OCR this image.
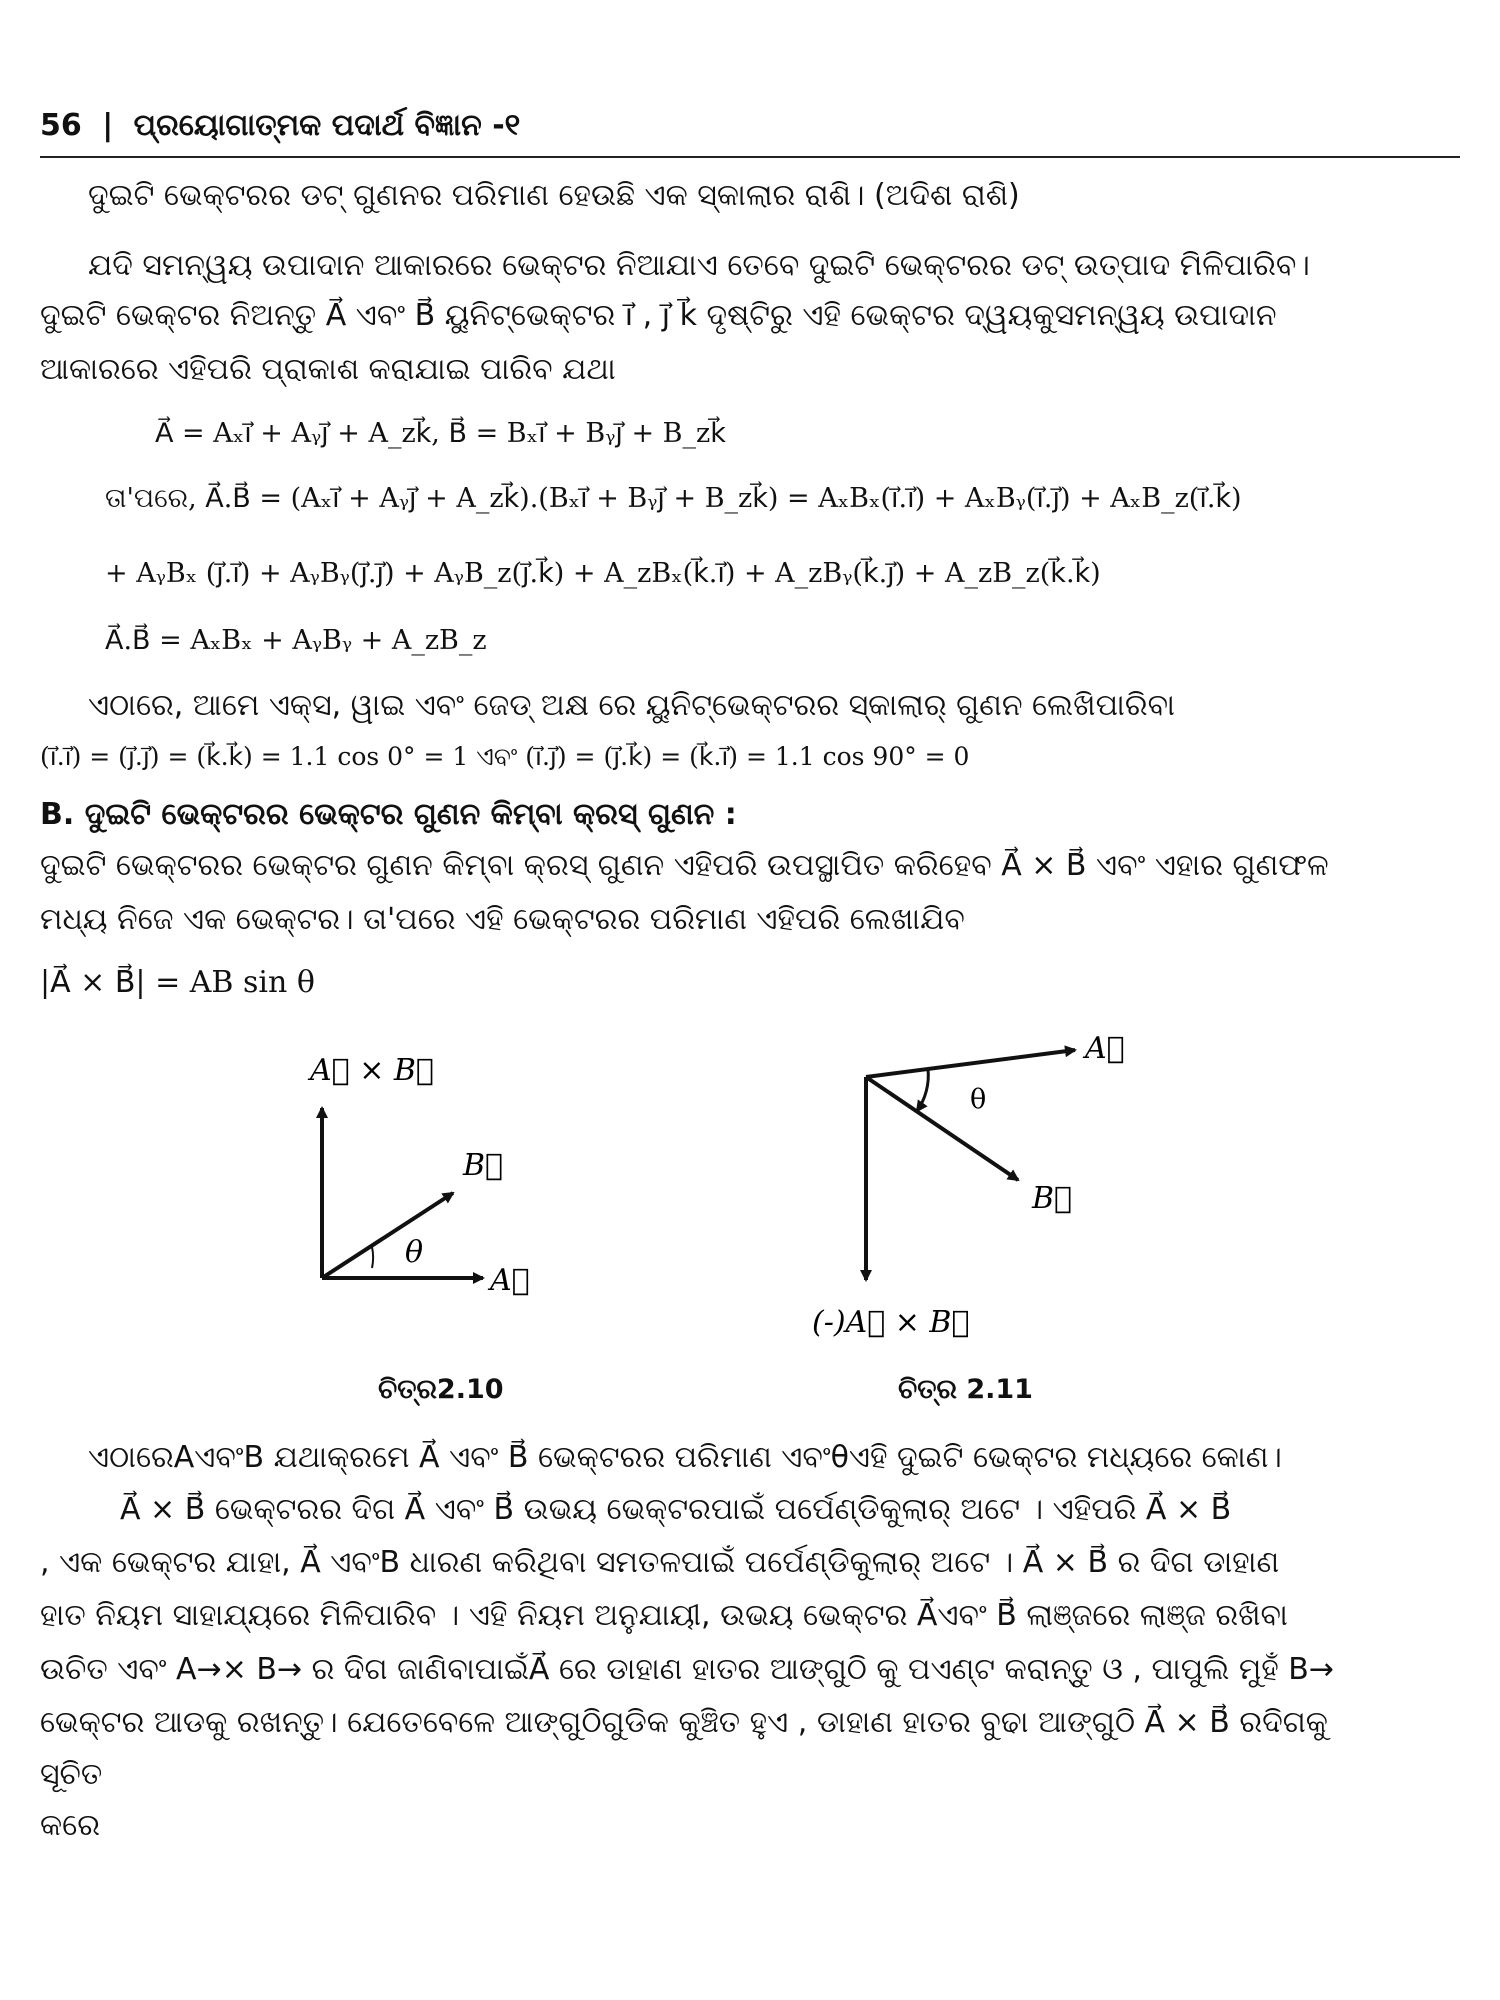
56 | ପ୍ରୟୋଗାତ୍ମକ ପଦାର୍ଥ ବିଜ୍ଞାନ -୧
ଦୁଇଟି ଭେକ୍ଟରର ଡଟ୍ ଗୁଣନର ପରିମାଣ ହେଉଛି ଏକ ସ୍କାଲାର ରାଶି। (ଅଦିଶ ରାଶି)
ଯଦି ସମନ୍ୱୟ ଉପାଦାନ ଆକାରରେ ଭେକ୍ଟର ନିଆଯାଏ ତେବେ ଦୁଇଟି ଭେକ୍ଟରର ଡଟ୍ ଉତ୍ପାଦ ମିଳିପାରିବ।
ଦୁଇଟି ଭେକ୍ଟର ନିଅନ୍ତୁ A⃗ ଏବଂ B⃗ ୟୁନିଟ୍‌ଭେକ୍ଟର ı⃗ , j⃗ k⃗ ଦୃଷ୍ଟିରୁ ଏହି ଭେକ୍ଟର ଦ୍ୱୟକୁସମନ୍ୱୟ ଉପାଦାନ
ଆକାରରେ ଏହିପରି ପ୍ରାକାଶ କରାଯାଇ ପାରିବ ଯଥା
A⃗ = Aₓı⃗ + Aᵧj⃗ + A_zk⃗, B⃗ = Bₓı⃗ + Bᵧj⃗ + B_zk⃗
ତା'ପରେ, A⃗.B⃗ = (Aₓı⃗ + Aᵧj⃗ + A_zk⃗).(Bₓı⃗ + Bᵧj⃗ + B_zk⃗) = AₓBₓ(ı⃗.ı⃗) + AₓBᵧ(ı⃗.j⃗) + AₓB_z(ı⃗.k⃗)
+ AᵧBₓ (j⃗.ı⃗) + AᵧBᵧ(j⃗.j⃗) + AᵧB_z(j⃗.k⃗) + A_zBₓ(k⃗.ı⃗) + A_zBᵧ(k⃗.j⃗) + A_zB_z(k⃗.k⃗)
A⃗.B⃗ = AₓBₓ + AᵧBᵧ + A_zB_z
ଏଠାରେ, ଆମେ ଏକ୍ସ, ୱାଇ ଏବଂ ଜେଡ୍ ଅକ୍ଷ ରେ ୟୁନିଟ୍‌ଭେକ୍ଟରର ସ୍କାଲାର୍ ଗୁଣନ ଲେଖିପାରିବା
(ı⃗.ı⃗) = (j⃗.j⃗) = (k⃗.k⃗) = 1.1 cos 0° = 1 ଏବଂ (ı⃗.j⃗) = (j⃗.k⃗) = (k⃗.ı⃗) = 1.1 cos 90° = 0
B. ଦୁଇଟି ଭେକ୍ଟରର ଭେକ୍ଟର ଗୁଣନ କିମ୍ବା କ୍ରସ୍ ଗୁଣନ :
ଦୁଇଟି ଭେକ୍ଟରର ଭେକ୍ଟର ଗୁଣନ କିମ୍ବା କ୍ରସ୍ ଗୁଣନ ଏହିପରି ଉପସ୍ଥାପିତ କରିହେବ A⃗ × B⃗ ଏବଂ ଏହାର ଗୁଣଫଳ
ମଧ୍ୟ ନିଜେ ଏକ ଭେକ୍ଟର। ତା'ପରେ ଏହି ଭେକ୍ଟରର ପରିମାଣ ଏହିପରି ଲେଖାଯିବ
|A⃗ × B⃗| = AB sin θ
A⃗ × B⃗
B⃗
A⃗
θ
A⃗
B⃗
θ
(-)A⃗ × B⃗
ଚିତ୍ର2.10	ଚିତ୍ର 2.11
ଏଠାରେAଏବଂB ଯଥାକ୍ରମେ A⃗ ଏବଂ B⃗ ଭେକ୍ଟରର ପରିମାଣ ଏବଂθଏହି ଦୁଇଟି ଭେକ୍ଟର ମଧ୍ୟରେ କୋଣ।
A⃗ × B⃗ ଭେକ୍ଟରର ଦିଗ A⃗ ଏବଂ B⃗ ଉଭୟ ଭେକ୍ଟରପାଇଁ ପର୍ପେଣ୍ଡିକୁଲାର୍ ଅଟେ । ଏହିପରି A⃗ × B⃗
, ଏକ ଭେକ୍ଟର ଯାହା, A⃗ ଏବଂB ଧାରଣ କରିଥିବା ସମତଳପାଇଁ ପର୍ପେଣ୍ଡିକୁଲାର୍ ଅଟେ । A⃗ × B⃗ ର ଦିଗ ଡାହାଣ
ହାତ ନିୟମ ସାହାଯ୍ୟରେ ମିଳିପାରିବ । ଏହି ନିୟମ ଅନୁଯାୟୀ, ଉଭୟ ଭେକ୍ଟର A⃗ଏବଂ B⃗ ଲାଞ୍ଜରେ ଲାଞ୍ଜ ରଖିବା
ଉଚିତ ଏବଂ A→× B→ ର ଦିଗ ଜାଣିବାପାଇଁA⃗ ରେ ଡାହାଣ ହାତର ଆଙ୍ଗୁଠି କୁ ପଏଣ୍ଟ କରାନ୍ତୁ ଓ , ପାପୁଲି ମୁହଁ B→
ଭେକ୍ଟର ଆଡକୁ ରଖନ୍ତୁ। ଯେତେବେଳେ ଆଙ୍ଗୁଠିଗୁଡିକ କୁଞ୍ଚିତ ହୁଏ , ଡାହାଣ ହାତର ବୁଢା ଆଙ୍ଗୁଠି A⃗ × B⃗ ରଦିଗକୁ
ସୂଚିତ
କରେ
